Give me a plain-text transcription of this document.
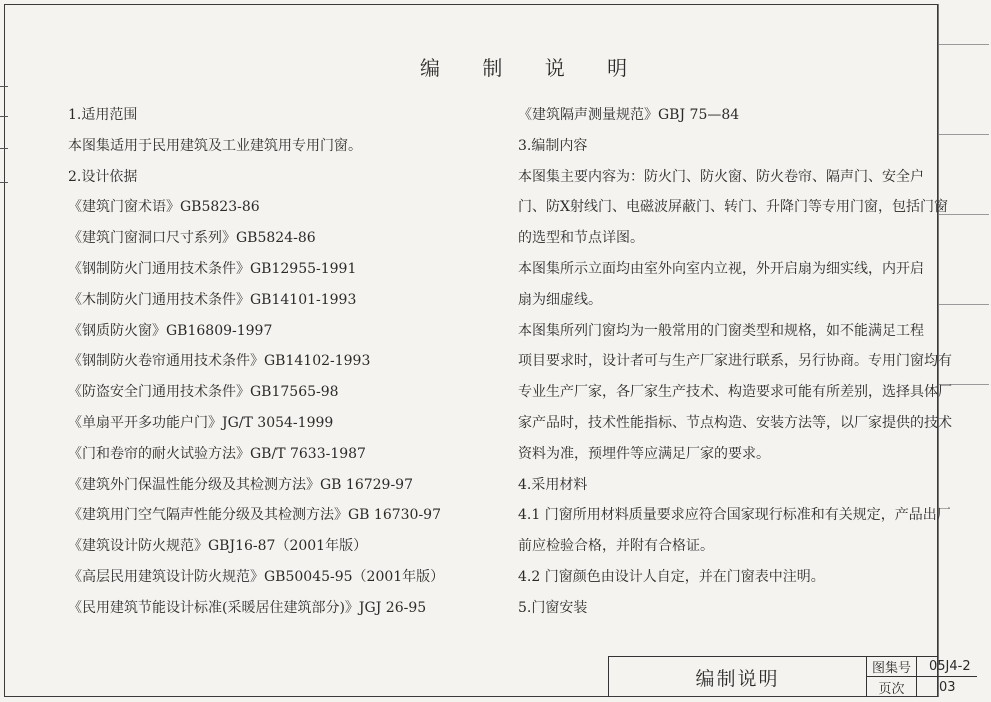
编 制 说 明
1.适用范围
本图集适用于民用建筑及工业建筑用专用门窗。
2.设计依据
《建筑门窗术语》GB5823-86
《建筑门窗洞口尺寸系列》GB5824-86
《钢制防火门通用技术条件》GB12955-1991
《木制防火门通用技术条件》GB14101-1993
《钢质防火窗》GB16809-1997
《钢制防火卷帘通用技术条件》GB14102-1993
《防盗安全门通用技术条件》GB17565-98
《单扇平开多功能户门》JG/T 3054-1999
《门和卷帘的耐火试验方法》GB/T 7633-1987
《建筑外门保温性能分级及其检测方法》GB 16729-97
《建筑用门空气隔声性能分级及其检测方法》GB 16730-97
《建筑设计防火规范》GBJ16-87（2001年版）
《高层民用建筑设计防火规范》GB50045-95（2001年版）
《民用建筑节能设计标准(采暖居住建筑部分)》JGJ 26-95
《建筑隔声测量规范》GBJ 75—84
3.编制内容
本图集主要内容为：防火门、防火窗、防火卷帘、隔声门、安全户
门、防X射线门、电磁波屏蔽门、转门、升降门等专用门窗，包括门窗
的选型和节点详图。
本图集所示立面均由室外向室内立视，外开启扇为细实线，内开启
扇为细虚线。
本图集所列门窗均为一般常用的门窗类型和规格，如不能满足工程
项目要求时，设计者可与生产厂家进行联系，另行协商。专用门窗均有
专业生产厂家，各厂家生产技术、构造要求可能有所差别，选择具体厂
家产品时，技术性能指标、节点构造、安装方法等，以厂家提供的技术
资料为准，预埋件等应满足厂家的要求。
4.采用材料
4.1 门窗所用材料质量要求应符合国家现行标准和有关规定，产品出厂
前应检验合格，并附有合格证。
4.2 门窗颜色由设计人自定，并在门窗表中注明。
5.门窗安装
编制说明	图集号
页次
05J4-2
03
